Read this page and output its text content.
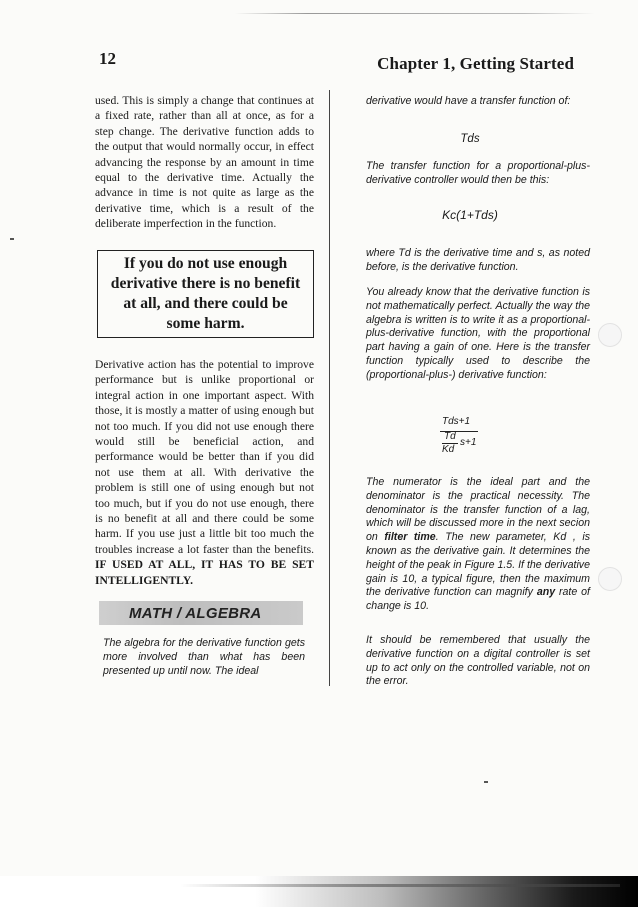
12	Chapter 1, Getting Started

used. This is simply a change that continues at a fixed rate, rather than all at once, as for a step change. The derivative function adds to the output that would normally occur, in effect advancing the response by an amount in time equal to the derivative time. Actually the advance in time is not quite as large as the derivative time, which is a result of the deliberate imperfection in the function.

If you do not use enough derivative there is no benefit at all, and there could be some harm.

Derivative action has the potential to improve performance but is unlike proportional or integral action in one important aspect. With those, it is mostly a matter of using enough but not too much. If you did not use enough there would still be beneficial action, and performance would be better than if you did not use them at all. With derivative the problem is still one of using enough but not too much, but if you do not use enough, there is no benefit at all and there could be some harm. If you use just a little bit too much the troubles increase a lot faster than the benefits. IF USED AT ALL, IT HAS TO BE SET INTELLIGENTLY.

MATH / ALGEBRA

The algebra for the derivative function gets more involved than what has been presented up until now. The ideal

derivative would have a transfer function of:

Tds

The transfer function for a proportional-plus-derivative controller would then be this:

Kc(1+Tds)

where Td is the derivative time and s, as noted before, is the derivative function.

You already know that the derivative function is not mathematically perfect. Actually the way the algebra is written is to write it as a proportional-plus-derivative function, with the proportional part having a gain of one. Here is the transfer function typically used to describe the (proportional-plus-) derivative function:

Tds+1
Td
s+1
Kd

The numerator is the ideal part and the denominator is the practical necessity. The denominator is the transfer function of a lag, which will be discussed more in the next secion on filter time. The new parameter, Kd , is known as the derivative gain. It determines the height of the peak in Figure 1.5. If the derivative gain is 10, a typical figure, then the maximum the derivative function can magnify any rate of change is 10.

It should be remembered that usually the derivative function on a digital controller is set up to act only on the controlled variable, not on the error.
